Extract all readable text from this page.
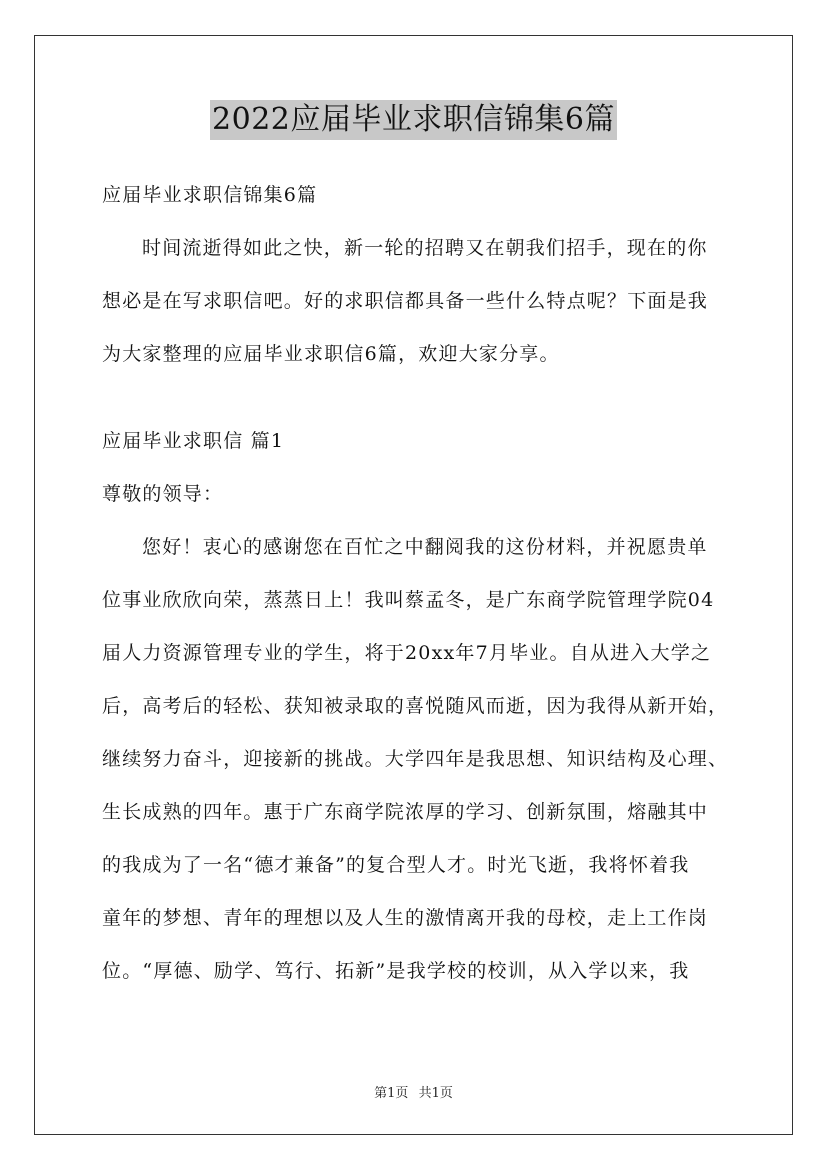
2022应届毕业求职信锦集6篇

应届毕业求职信锦集6篇

时间流逝得如此之快，新一轮的招聘又在朝我们招手，现在的你
想必是在写求职信吧。好的求职信都具备一些什么特点呢？下面是我
为大家整理的应届毕业求职信6篇，欢迎大家分享。

应届毕业求职信 篇1

尊敬的领导：

您好！衷心的感谢您在百忙之中翻阅我的这份材料，并祝愿贵单
位事业欣欣向荣，蒸蒸日上！我叫蔡孟冬，是广东商学院管理学院04
届人力资源管理专业的学生，将于20xx年7月毕业。自从进入大学之
后，高考后的轻松、获知被录取的喜悦随风而逝，因为我得从新开始，
继续努力奋斗，迎接新的挑战。大学四年是我思想、知识结构及心理、
生长成熟的四年。惠于广东商学院浓厚的学习、创新氛围，熔融其中
的我成为了一名“德才兼备”的复合型人才。时光飞逝，我将怀着我
童年的梦想、青年的理想以及人生的激情离开我的母校，走上工作岗
位。“厚德、励学、笃行、拓新”是我学校的校训，从入学以来，我
第1页 共1页
